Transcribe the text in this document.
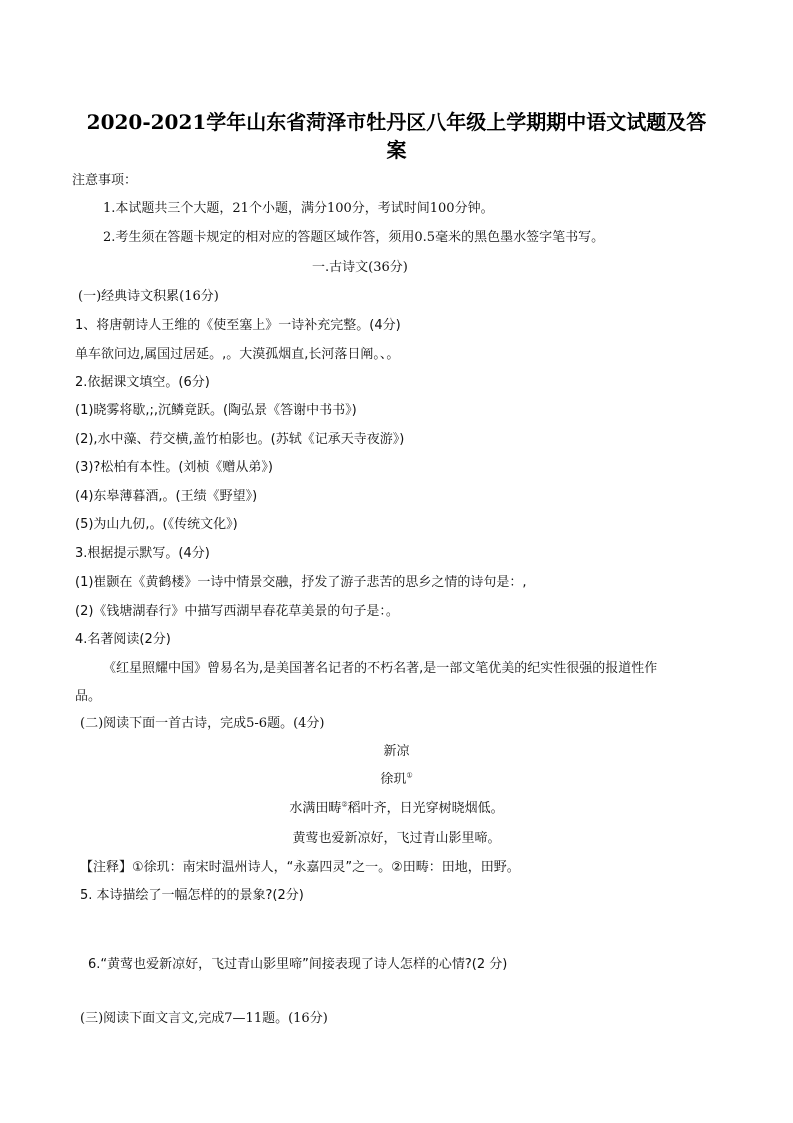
2020-2021学年山东省菏泽市牡丹区八年级上学期期中语文试题及答
案
注意事项：
1.本试题共三个大题，21个小题，满分100分，考试时间100分钟。
2.考生须在答题卡规定的相对应的答题区域作答，须用0.5毫米的黑色墨水签字笔书写。
一.古诗文(36分)
(一)经典诗文积累(16分)
1、将唐朝诗人王维的《使至塞上》一诗补充完整。(4分)
单车欲问边,属国过居延。,。大漠孤烟直,长河落日阐。、。
2.依据课文填空。(6分)
(1)晓雾将歇,;,沉鳞竟跃。(陶弘景《答谢中书书》)
(2),水中藻、荇交横,盖竹柏影也。(苏轼《记承天寺夜游》)
(3)?松柏有本性。(刘桢《赠从弟》)
(4)东皋薄暮酒,。(王绩《野望》)
(5)为山九仞,。(《传统文化》)
3.根据提示默写。(4分)
(1)崔颢在《黄鹤楼》一诗中情景交融，抒发了游子悲苦的思乡之情的诗句是：,
(2)《钱塘湖春行》中描写西湖早春花草美景的句子是：。
4.名著阅读(2分)
《红星照耀中国》曾易名为,是美国著名记者的不朽名著,是一部文笔优美的纪实性很强的报道性作
品。
(二)阅读下面一首古诗，完成5-6题。(4分)
新凉
徐玑①
水满田畴②稻叶齐，日光穿树晓烟低。
黄莺也爱新凉好，飞过青山影里啼。
【注释】①徐玑：南宋时温州诗人，“永嘉四灵”之一。②田畴：田地，田野。
5. 本诗描绘了一幅怎样的的景象?(2分)
6.“黄莺也爱新凉好，飞过青山影里啼”间接表现了诗人怎样的心情?(2 分)
(三)阅读下面文言文,完成7—11题。(16分)
